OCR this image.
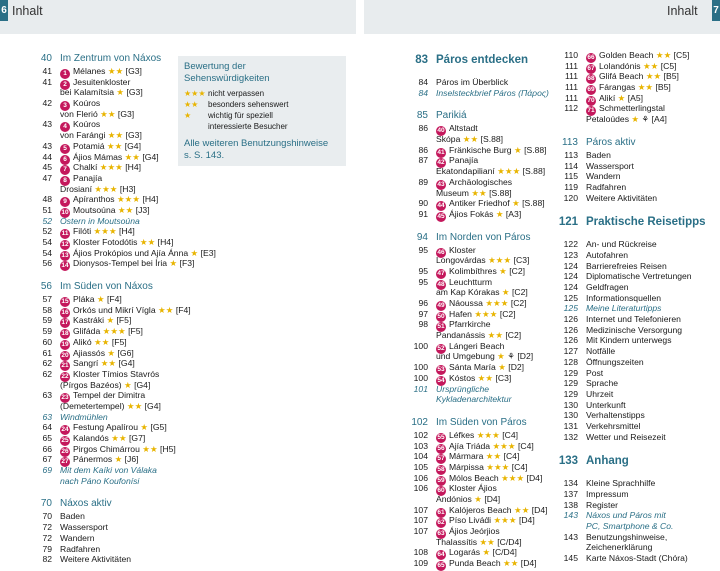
6 Inhalt	Inhalt 7
40 Im Zentrum von Náxos
41	1 Mélanes ★★ [G3]
41	2 Jesuitenkloster
bei Kalamítsia ★ [G3]
42	3 Koúros
von Flerió ★★ [G3]
43	4 Koúros
von Farángi ★★ [G3]
43	5 Potamiá ★★ [G4]
44	6 Ájios Mámas ★★ [G4]
45	7 Chalkí ★★★ [H4]
47	8 Panajía
Drosianí ★★★ [H3]
48	9 Apíranthos ★★★ [H4]
51	10 Moutsoúna ★★ [J3]
52 Ostern in Moutsoúna
52	11 Filóti ★★★ [H4]
54	12 Kloster Fotodótis ★★ [H4]
54	13 Ájios Prokópios und Ajía Ánna ★ [E3]
56	14 Dionysos-Tempel bei Íria ★ [F3]
56 Im Süden von Náxos
57	15 Pláka ★ [F4]
58	16 Orkós und Mikrí Vígla ★★ [F4]
59	17 Kastráki ★ [F5]
59	18 Glifáda ★★★ [F5]
60	19 Alikó ★★ [F5]
61	20 Ajiassós ★ [G6]
62	21 Sangrí ★★ [G4]
62	22 Kloster Tímios Stavrós
(Pírgos Bazéos) ★ [G4]
63	23 Tempel der Dimitra
(Demetertempel) ★★ [G4]
63 Windmühlen
64	24 Festung Apalírou ★ [G5]
65	25 Kalandós ★★ [G7]
66	26 Pirgos Chimárrou ★★ [H5]
67	27 Pánermos ★ [J6]
69 Mit dem Kaíki von Válaka
nach Páno Koufonísi
70 Náxos aktiv
70 Baden
72 Wassersport
72 Wandern
79 Radfahren
82 Weitere Aktivitäten
83 Páros entdecken
84 Páros im Überblick
84 Inselsteckbrief Páros (Πάρος)
85 Parikiá
86	40 Altstadt
Skópa ★★ [S.88]
86	41 Fränkische Burg ★ [S.88]
87	42 Panajía
Ekatondapilianí ★★★ [S.88]
89	43 Archäologisches
Museum ★★ [S.88]
90	44 Antiker Friedhof ★ [S.88]
91	45 Ájios Fokás ★ [A3]
94 Im Norden von Páros
95	46 Kloster
Longovárdas ★★★ [C3]
95	47 Kolimbíthres ★ [C2]
95	48 Leuchtturm
am Kap Kórakas ★ [C2]
96	49 Náoussa ★★★ [C2]
97	50 Hafen ★★★ [C2]
98	51 Pfarrkirche
Pandanássis ★★ [C2]
100	52 Lángeri Beach
und Umgebung ★ ⚘ [D2]
100	53 Sánta María ★ [D2]
100	54 Kóstos ★★ [C3]
101 Ursprüngliche
Kykladenarchitektur
102 Im Süden von Páros
102	55 Léfkes ★★★ [C4]
103	56 Ajía Triáda ★★★ [C4]
104	57 Mármara ★★ [C4]
105	58 Márpissa ★★★ [C4]
106	59 Mólos Beach ★★★ [D4]
106	60 Kloster Ájios
Andónios ★ [D4]
107	61 Kalójeros Beach ★★ [D4]
107	62 Píso Liváḋi ★★★ [D4]
107	63 Ájios Jeórjios
Thalassítis ★★ [C/D4]
108	64 Logarás ★ [C/D4]
109	65 Punda Beach ★★ [D4]
110	66 Golden Beach ★★ [C5]
111	67 Lolandónis ★★ [C5]
111	68 Glifá Beach ★★ [B5]
111	69 Fárangas ★★ [B5]
111	70 Alikí ★ [A5]
112	71 Schmetterlingstal
Petaloúdes ★ ⚘ [A4]
113 Páros aktiv
113 Baden
114 Wassersport
115 Wandern
119 Radfahren
120 Weitere Aktivitäten
121 Praktische Reisetipps
122 An- und Rückreise
123 Autofahren
124 Barrierefreies Reisen
124 Diplomatische Vertretungen
124 Geldfragen
125 Informationsquellen
125 Meine Literaturtipps
126 Internet und Telefonieren
126 Medizinische Versorgung
126 Mit Kindern unterwegs
127 Notfälle
128 Öffnungszeiten
129 Post
129 Sprache
129 Uhrzeit
130 Unterkunft
130 Verhaltenstipps
131 Verkehrsmittel
132 Wetter und Reisezeit
133 Anhang
134 Kleine Sprachhilfe
137 Impressum
138 Register
143 Náxos und Páros mit
PC, Smartphone & Co.
143 Benutzungshinweise,
Zeichenerklärung
145 Karte Náxos-Stadt (Chóra)
Bewertung der
Sehenswürdigkeiten
★★★ nicht verpassen
★★ besonders sehenswert
★ wichtig für speziell
interessierte Besucher
Alle weiteren Benutzungshinweise
s. S. 143.
